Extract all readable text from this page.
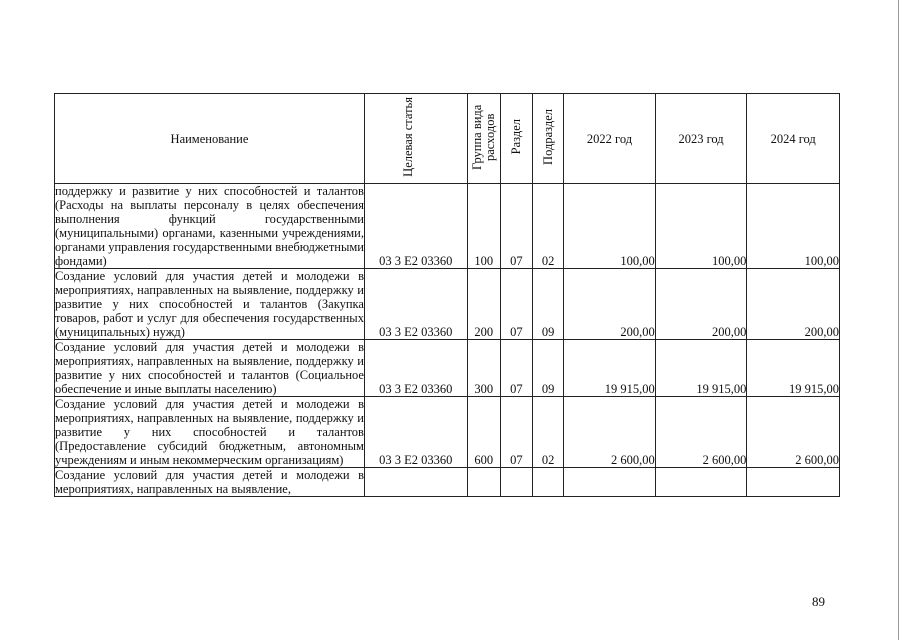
Наименование	Целевая статья	Группа вида расходов	Раздел	Подраздел	2022 год	2023 год	2024 год
поддержку и развитие у них способностей и талантов (Расходы на выплаты персоналу в целях обеспечения выполнения функций государственными (муниципальными) органами, казенными учреждениями, органами управления государственными внебюджетными фондами)	03 3 Е2 03360	100	07	02	100,00	100,00	100,00
Создание условий для участия детей и молодежи в мероприятиях, направленных на выявление, поддержку и развитие у них способностей и талантов (Закупка товаров, работ и услуг для обеспечения государственных (муниципальных) нужд)	03 3 Е2 03360	200	07	09	200,00	200,00	200,00
Создание условий для участия детей и молодежи в мероприятиях, направленных на выявление, поддержку и развитие у них способностей и талантов (Социальное обеспечение и иные выплаты населению)	03 3 Е2 03360	300	07	09	19 915,00	19 915,00	19 915,00
Создание условий для участия детей и молодежи в мероприятиях, направленных на выявление, поддержку и развитие у них способностей и талантов (Предоставление субсидий бюджетным, автономным учреждениям и иным некоммерческим организациям)	03 3 Е2 03360	600	07	02	2 600,00	2 600,00	2 600,00
Создание условий для участия детей и молодежи в мероприятиях, направленных на выявление,							
89
